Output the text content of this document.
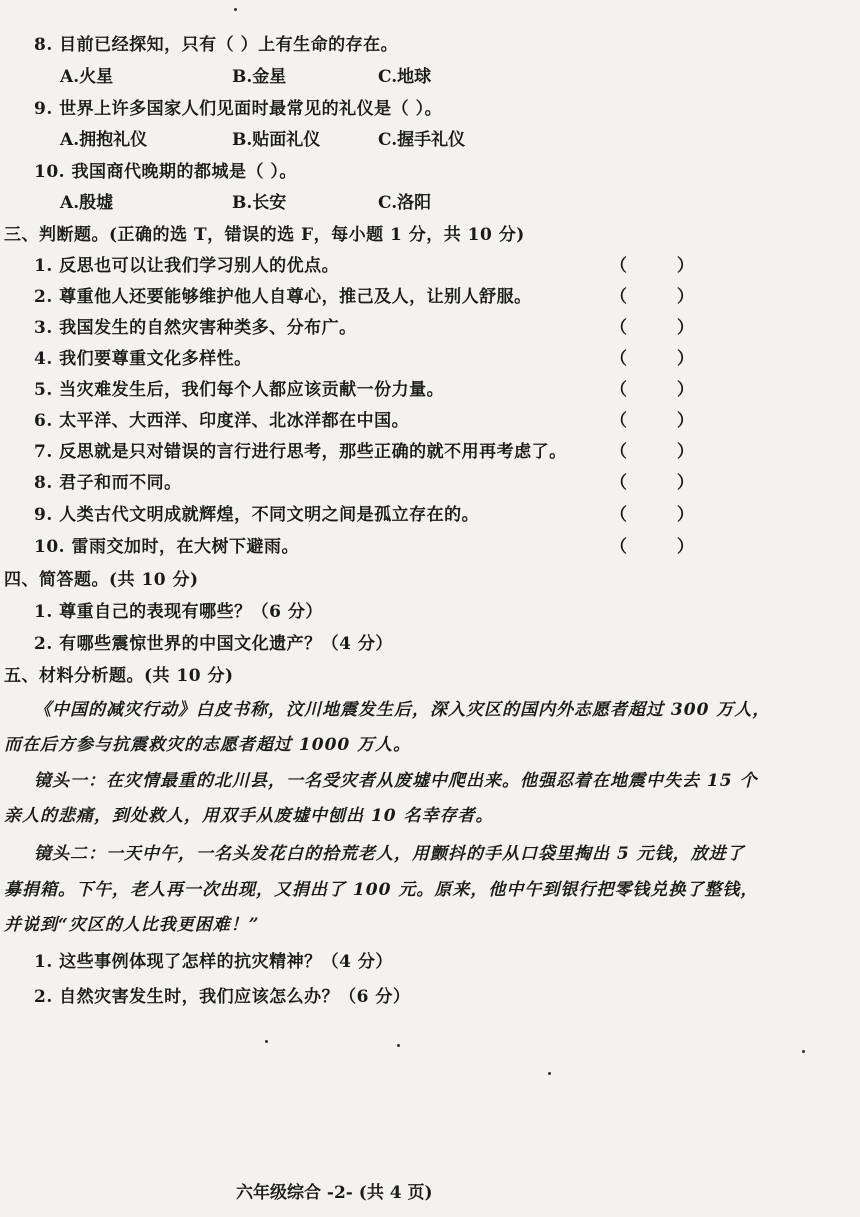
8. 目前已经探知，只有（ ）上有生命的存在。
A.火星	B.金星	C.地球
9. 世界上许多国家人们见面时最常见的礼仪是（ ）。
A.拥抱礼仪	B.贴面礼仪	C.握手礼仪
10. 我国商代晚期的都城是（ ）。
A.殷墟	B.长安	C.洛阳
三、判断题。(正确的选 T，错误的选 F，每小题 1 分，共 10 分)
1. 反思也可以让我们学习别人的优点。	（ ）
2. 尊重他人还要能够维护他人自尊心，推己及人，让别人舒服。	（ ）
3. 我国发生的自然灾害种类多、分布广。	（ ）
4. 我们要尊重文化多样性。	（ ）
5. 当灾难发生后，我们每个人都应该贡献一份力量。	（ ）
6. 太平洋、大西洋、印度洋、北冰洋都在中国。	（ ）
7. 反思就是只对错误的言行进行思考，那些正确的就不用再考虑了。	（ ）
8. 君子和而不同。	（ ）
9. 人类古代文明成就辉煌，不同文明之间是孤立存在的。	（ ）
10. 雷雨交加时，在大树下避雨。	（ ）
四、简答题。(共 10 分)
1. 尊重自己的表现有哪些？（6 分）
2. 有哪些震惊世界的中国文化遗产？（4 分）
五、材料分析题。(共 10 分)
《中国的减灾行动》白皮书称，汶川地震发生后，深入灾区的国内外志愿者超过 300 万人，
而在后方参与抗震救灾的志愿者超过 1000 万人。
镜头一：在灾情最重的北川县，一名受灾者从废墟中爬出来。他强忍着在地震中失去 15 个
亲人的悲痛，到处救人，用双手从废墟中刨出 10 名幸存者。
镜头二：一天中午，一名头发花白的拾荒老人，用颤抖的手从口袋里掏出 5 元钱，放进了
募捐箱。下午，老人再一次出现，又捐出了 100 元。原来，他中午到银行把零钱兑换了整钱，
并说到“灾区的人比我更困难！”
1. 这些事例体现了怎样的抗灾精神？（4 分）
2. 自然灾害发生时，我们应该怎么办？（6 分）
六年级综合 -2- (共 4 页)
